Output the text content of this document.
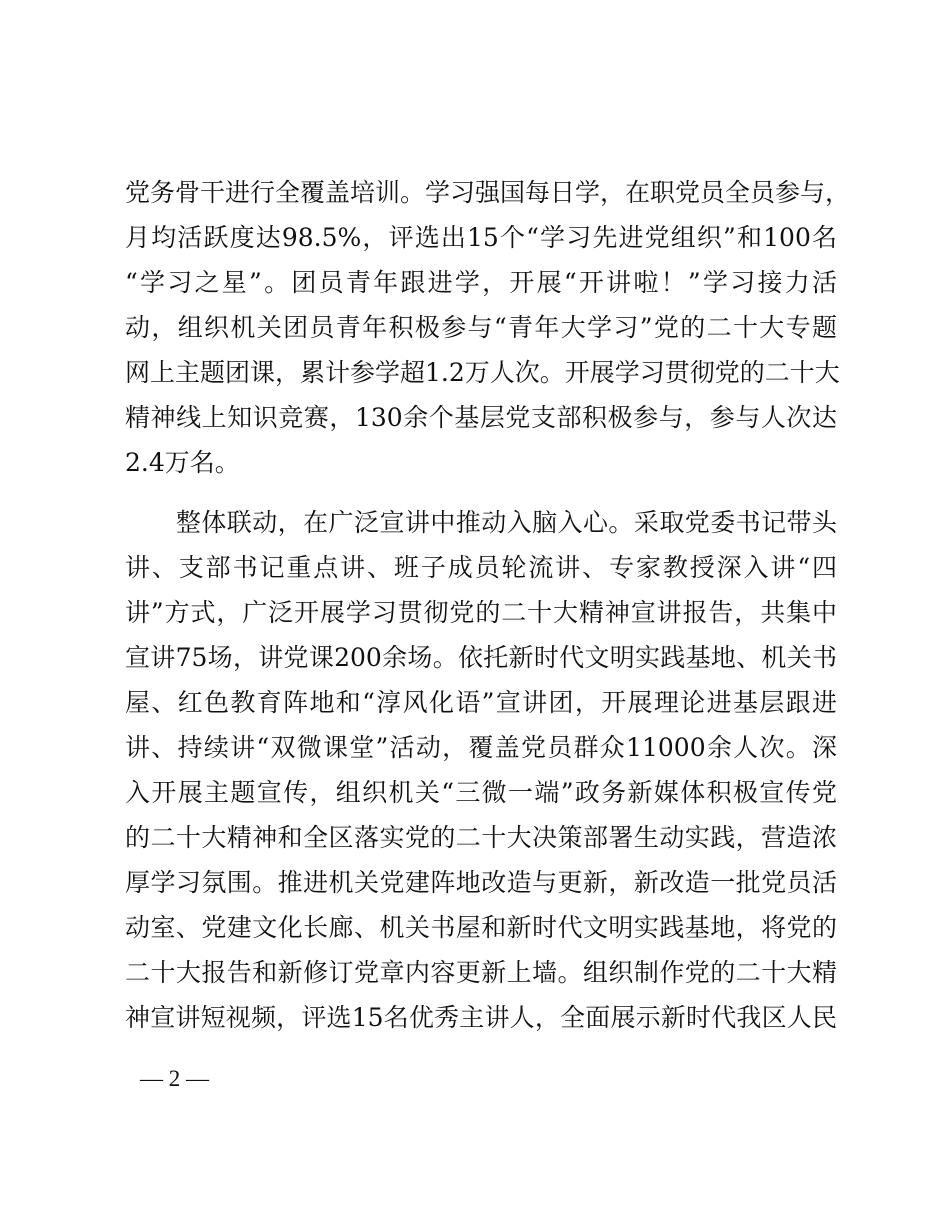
党务骨干进行全覆盖培训。学习强国每日学，在职党员全员参与，
月均活跃度达98.5%，评选出15个“学习先进党组织”和100名
“学习之星”。团员青年跟进学，开展“开讲啦！”学习接力活
动，组织机关团员青年积极参与“青年大学习”党的二十大专题
网上主题团课，累计参学超1.2万人次。开展学习贯彻党的二十大
精神线上知识竞赛，130余个基层党支部积极参与，参与人次达
2.4万名。
　　整体联动，在广泛宣讲中推动入脑入心。采取党委书记带头
讲、支部书记重点讲、班子成员轮流讲、专家教授深入讲“四
讲”方式，广泛开展学习贯彻党的二十大精神宣讲报告，共集中
宣讲75场，讲党课200余场。依托新时代文明实践基地、机关书
屋、红色教育阵地和“淳风化语”宣讲团，开展理论进基层跟进
讲、持续讲“双微课堂”活动，覆盖党员群众11000余人次。深
入开展主题宣传，组织机关“三微一端”政务新媒体积极宣传党
的二十大精神和全区落实党的二十大决策部署生动实践，营造浓
厚学习氛围。推进机关党建阵地改造与更新，新改造一批党员活
动室、党建文化长廊、机关书屋和新时代文明实践基地，将党的
二十大报告和新修订党章内容更新上墙。组织制作党的二十大精
神宣讲短视频，评选15名优秀主讲人，全面展示新时代我区人民
— 2 —
